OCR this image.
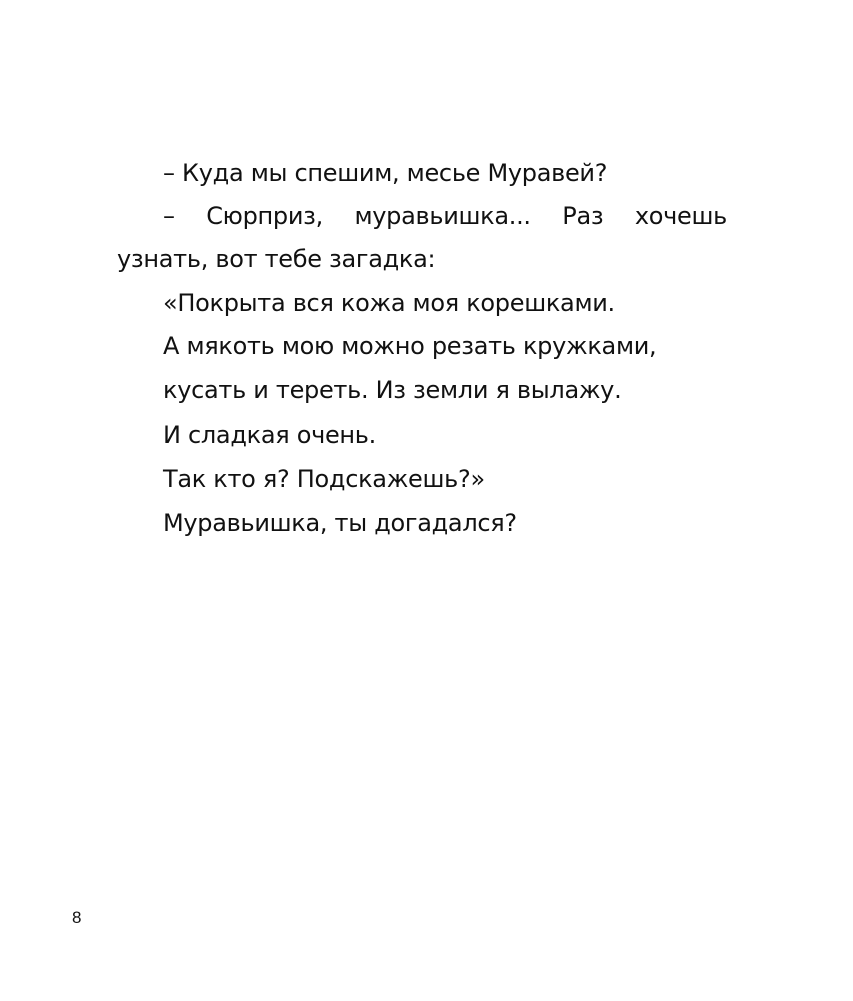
– Куда мы спешим, месье Муравей?
– Сюрприз, муравьишка... Раз хочешь
узнать, вот тебе загадка:
«Покрыта вся кожа моя корешками.
А мякоть мою можно резать кружками,
кусать и тереть. Из земли я вылажу.
И сладкая очень.
Так кто я? Подскажешь?»
Муравьишка, ты догадался?
8
